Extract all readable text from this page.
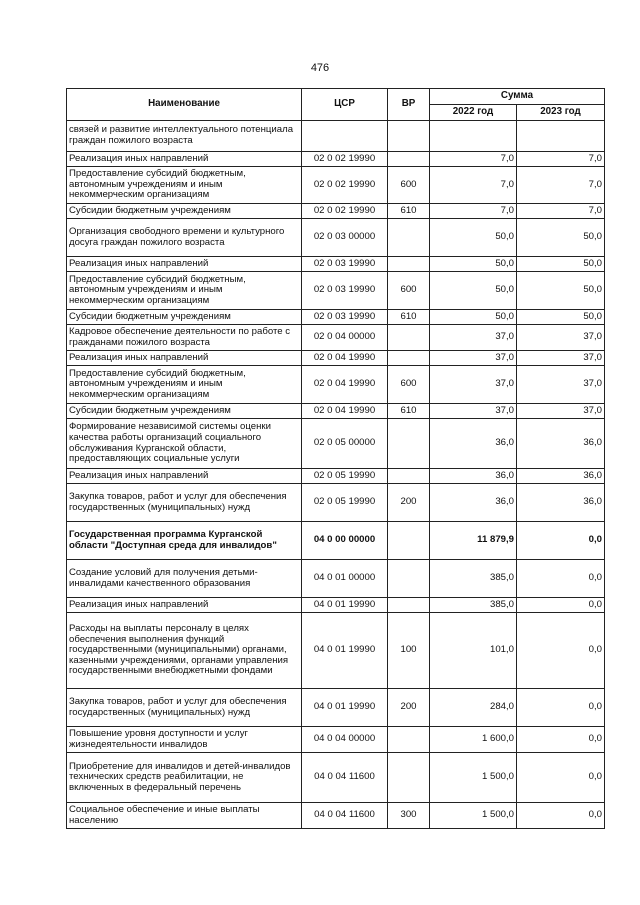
476
Наименование	ЦСР	ВР	Сумма	
			2022 год	2023 год
связей и развитие интеллектуального потенциала граждан пожилого возраста				
Реализация иных направлений	02 0 02 19990		7,0	7,0
Предоставление субсидий бюджетным, автономным учреждениям и иным некоммерческим организациям	02 0 02 19990	600	7,0	7,0
Субсидии бюджетным учреждениям	02 0 02 19990	610	7,0	7,0
Организация свободного времени и культурного досуга граждан пожилого возраста	02 0 03 00000		50,0	50,0
Реализация иных направлений	02 0 03 19990		50,0	50,0
Предоставление субсидий бюджетным, автономным учреждениям и иным некоммерческим организациям	02 0 03 19990	600	50,0	50,0
Субсидии бюджетным учреждениям	02 0 03 19990	610	50,0	50,0
Кадровое обеспечение деятельности по работе с гражданами пожилого возраста	02 0 04 00000		37,0	37,0
Реализация иных направлений	02 0 04 19990		37,0	37,0
Предоставление субсидий бюджетным, автономным учреждениям и иным некоммерческим организациям	02 0 04 19990	600	37,0	37,0
Субсидии бюджетным учреждениям	02 0 04 19990	610	37,0	37,0
Формирование независимой системы оценки качества работы организаций социального обслуживания Курганской области, предоставляющих социальные услуги	02 0 05 00000		36,0	36,0
Реализация иных направлений	02 0 05 19990		36,0	36,0
Закупка товаров, работ и услуг для обеспечения государственных (муниципальных) нужд	02 0 05 19990	200	36,0	36,0
Государственная программа Курганской области "Доступная среда для инвалидов"	04 0 00 00000		11 879,9	0,0
Создание условий для получения детьми-инвалидами качественного образования	04 0 01 00000		385,0	0,0
Реализация иных направлений	04 0 01 19990		385,0	0,0
Расходы на выплаты персоналу в целях обеспечения выполнения функций государственными (муниципальными) органами, казенными учреждениями, органами управления государственными внебюджетными фондами	04 0 01 19990	100	101,0	0,0
Закупка товаров, работ и услуг для обеспечения государственных (муниципальных) нужд	04 0 01 19990	200	284,0	0,0
Повышение уровня доступности и услуг жизнедеятельности инвалидов	04 0 04 00000		1 600,0	0,0
Приобретение для инвалидов и детей-инвалидов технических средств реабилитации, не включенных в федеральный перечень	04 0 04 11600		1 500,0	0,0
Социальное обеспечение и иные выплаты населению	04 0 04 11600	300	1 500,0	0,0
